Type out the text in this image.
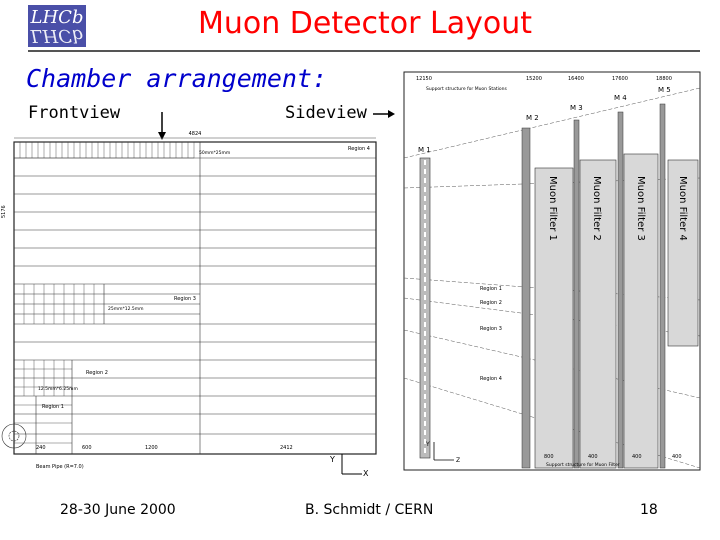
LHCb
LHCb	Muon Detector Layout
Chamber arrangement:
Frontview	Sideview
4824
5176
Region 4
50mm*25mm
Region 3
25mm*12.5mm
Region 2
12.5mm*6.25mm
Region 1
Beam Pipe (R=7.0)
240	600	1200	2412
Y
X
12150	15200	16400	17600	18800
Support structure for Muon Stations
M 1
M 2
M 3
M 4
M 5
Muon Filter 1	Muon Filter 2	Muon Filter 3	Muon Filter 4
Region 1
Region 2
Region 3
Region 4
800	400	400	400
Support structure for Muon Filter
Y
Z
28-30 June 2000	B. Schmidt / CERN	18
